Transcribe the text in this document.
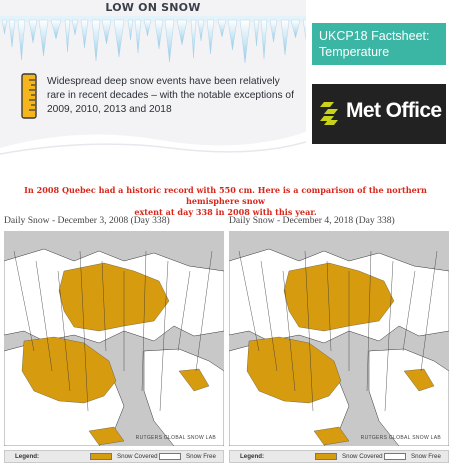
LOW ON SNOW
Widespread deep snow events have been relatively rare in recent decades – with the notable exceptions of 2009, 2010, 2013 and 2018
UKCP18 Factsheet:
Temperature
Met Office
In 2008 Quebec had a historic record with 550 cm. Here is a comparison of the northern hemisphere snow
extent at day 338 in 2008 with this year.
Daily Snow - December 3, 2008 (Day 338)	Daily Snow - December 4, 2018 (Day 338)
RUTGERS GLOBAL SNOW LAB	RUTGERS GLOBAL SNOW LAB
Legend:	Snow Covered	Snow Free	Legend:	Snow Covered	Snow Free
